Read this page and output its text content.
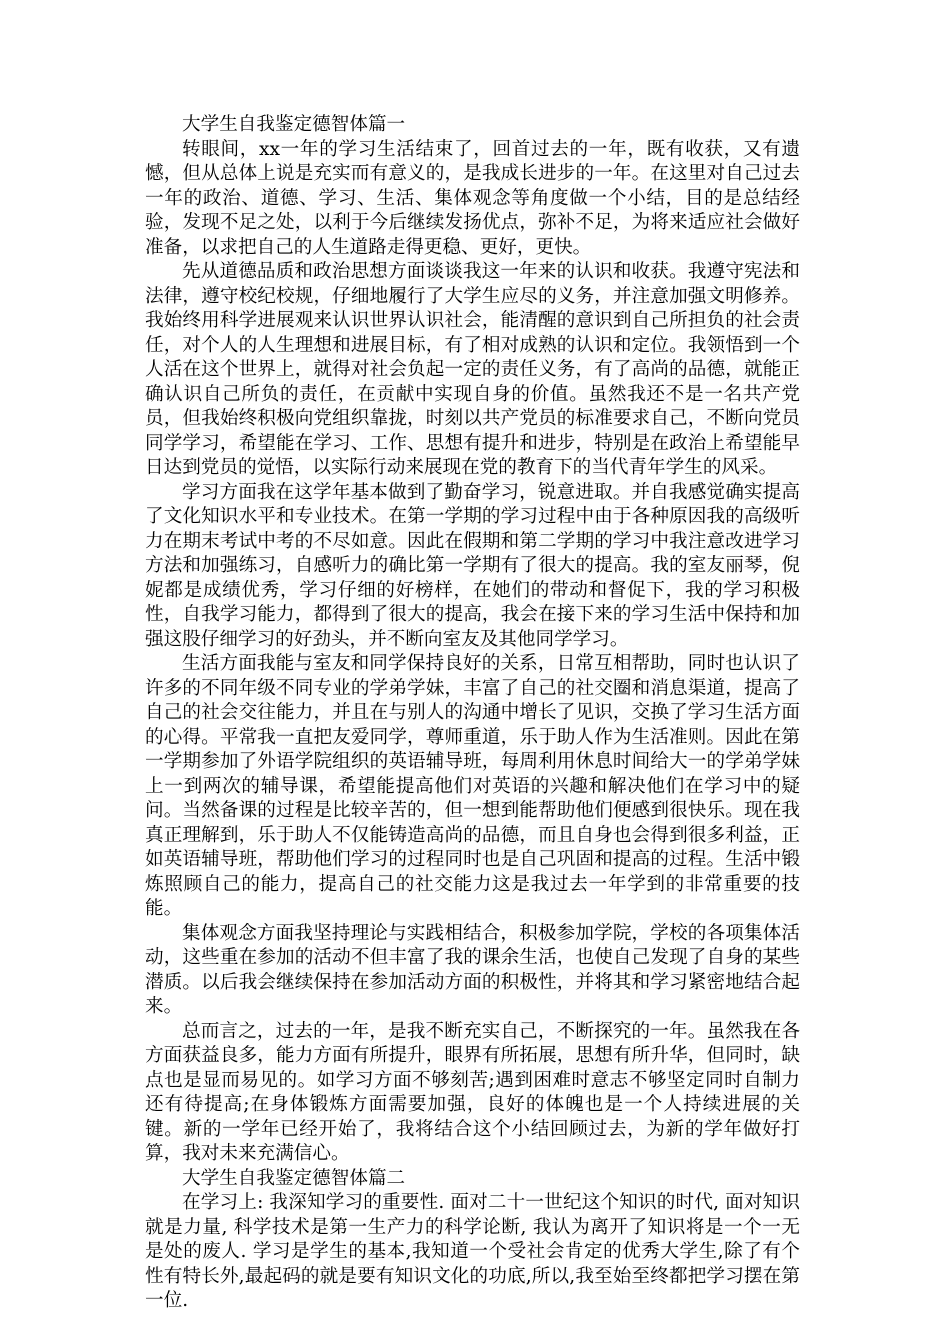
大学生自我鉴定德智体篇一

转眼间，xx一年的学习生活结束了，回首过去的一年，既有收获，又有遗憾，但从总体上说是充实而有意义的，是我成长进步的一年。在这里对自己过去一年的政治、道德、学习、生活、集体观念等角度做一个小结，目的是总结经验，发现不足之处，以利于今后继续发扬优点，弥补不足，为将来适应社会做好准备，以求把自己的人生道路走得更稳、更好，更快。

先从道德品质和政治思想方面谈谈我这一年来的认识和收获。我遵守宪法和法律，遵守校纪校规，仔细地履行了大学生应尽的义务，并注意加强文明修养。我始终用科学进展观来认识世界认识社会，能清醒的意识到自己所担负的社会责任，对个人的人生理想和进展目标，有了相对成熟的认识和定位。我领悟到一个人活在这个世界上，就得对社会负起一定的责任义务，有了高尚的品德，就能正确认识自己所负的责任，在贡献中实现自身的价值。虽然我还不是一名共产党员，但我始终积极向党组织靠拢，时刻以共产党员的标准要求自己，不断向党员同学学习，希望能在学习、工作、思想有提升和进步，特别是在政治上希望能早日达到党员的觉悟，以实际行动来展现在党的教育下的当代青年学生的风采。

学习方面我在这学年基本做到了勤奋学习，锐意进取。并自我感觉确实提高了文化知识水平和专业技术。在第一学期的学习过程中由于各种原因我的高级听力在期末考试中考的不尽如意。因此在假期和第二学期的学习中我注意改进学习方法和加强练习，自感听力的确比第一学期有了很大的提高。我的室友丽琴，倪妮都是成绩优秀，学习仔细的好榜样，在她们的带动和督促下，我的学习积极性，自我学习能力，都得到了很大的提高，我会在接下来的学习生活中保持和加强这股仔细学习的好劲头，并不断向室友及其他同学学习。

生活方面我能与室友和同学保持良好的关系，日常互相帮助，同时也认识了许多的不同年级不同专业的学弟学妹，丰富了自己的社交圈和消息渠道，提高了自己的社会交往能力，并且在与别人的沟通中增长了见识，交换了学习生活方面的心得。平常我一直把友爱同学，尊师重道，乐于助人作为生活准则。因此在第一学期参加了外语学院组织的英语辅导班，每周利用休息时间给大一的学弟学妹上一到两次的辅导课，希望能提高他们对英语的兴趣和解决他们在学习中的疑问。当然备课的过程是比较辛苦的，但一想到能帮助他们便感到很快乐。现在我真正理解到，乐于助人不仅能铸造高尚的品德，而且自身也会得到很多利益，正如英语辅导班，帮助他们学习的过程同时也是自己巩固和提高的过程。生活中锻炼照顾自己的能力，提高自己的社交能力这是我过去一年学到的非常重要的技能。

集体观念方面我坚持理论与实践相结合，积极参加学院，学校的各项集体活动，这些重在参加的活动不但丰富了我的课余生活，也使自己发现了自身的某些潜质。以后我会继续保持在参加活动方面的积极性，并将其和学习紧密地结合起来。

总而言之，过去的一年，是我不断充实自己，不断探究的一年。虽然我在各方面获益良多，能力方面有所提升，眼界有所拓展，思想有所升华，但同时，缺点也是显而易见的。如学习方面不够刻苦;遇到困难时意志不够坚定同时自制力还有待提高;在身体锻炼方面需要加强，良好的体魄也是一个人持续进展的关键。新的一学年已经开始了，我将结合这个小结回顾过去，为新的学年做好打算，我对未来充满信心。

大学生自我鉴定德智体篇二

在学习上: 我深知学习的重要性. 面对二十一世纪这个知识的时代, 面对知识就是力量, 科学技术是第一生产力的科学论断, 我认为离开了知识将是一个一无是处的废人. 学习是学生的基本,我知道一个受社会肯定的优秀大学生,除了有个性有特长外,最起码的就是要有知识文化的功底,所以,我至始至终都把学习摆在第一位.
